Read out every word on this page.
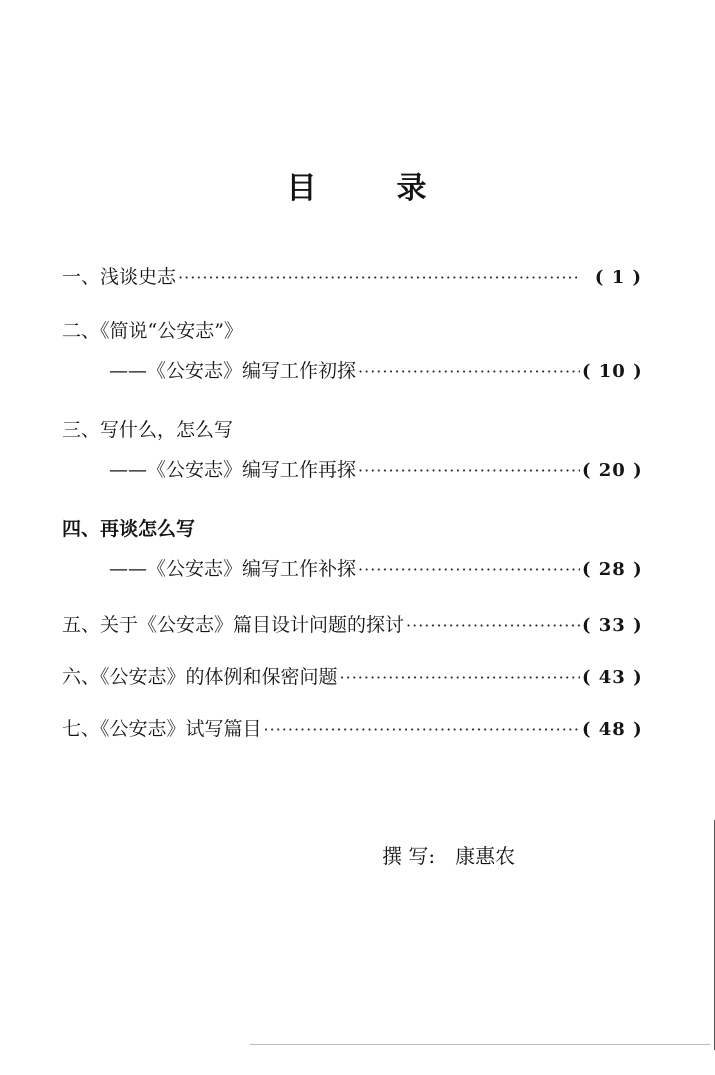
目	录
一、浅谈史志 ·····	( 1 )
二、《简说“公安志”》
——《公安志》编写工作初探 ·····	( 10 )
三、写什么，怎么写
——《公安志》编写工作再探 ·····	( 20 )
四、再谈怎么写
——《公安志》编写工作补探 ·····	( 28 )
五、关于《公安志》篇目设计问题的探讨 ·····	( 33 )
六、《公安志》的体例和保密问题 ·····	( 43 )
七、《公安志》试写篇目 ·····	( 48 )
撰 写: 康惠农
